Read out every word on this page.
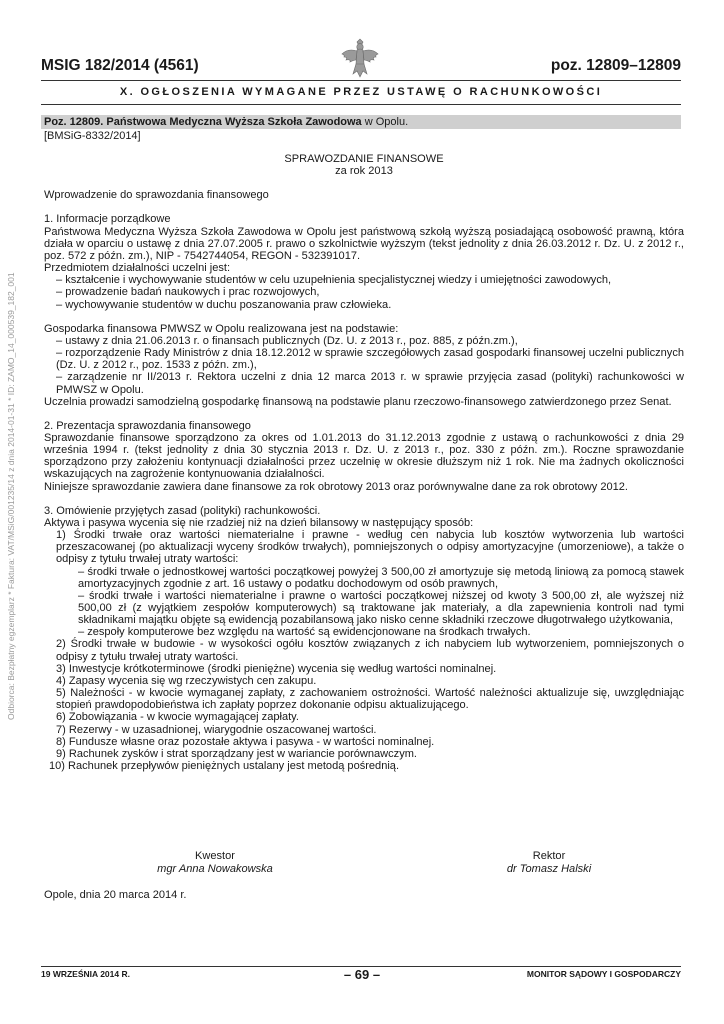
MSIG 182/2014 (4561)	poz. 12809–12809
X. OGŁOSZENIA WYMAGANE PRZEZ USTAWĘ O RACHUNKOWOŚCI
Odbiorca: Bezpłatny egzemplarz * Faktura: VAT/MSiG/001235/14 z dnia 2014-01-31 * ID: ZAMO_14_000539_182_001
Poz. 12809. Państwowa Medyczna Wyższa Szkoła Zawodowa w Opolu.
[BMSiG-8332/2014]

SPRAWOZDANIE FINANSOWE

za rok 2013

Wprowadzenie do sprawozdania finansowego

1. Informacje porządkowe

Państwowa Medyczna Wyższa Szkoła Zawodowa w Opolu jest państwową szkołą wyższą posiadającą osobowość prawną, która działa w oparciu o ustawę z dnia 27.07.2005 r. prawo o szkolnictwie wyższym (tekst jednolity z dnia 26.03.2012 r. Dz. U. z 2012 r., poz. 572 z późn. zm.), NIP - 7542744054, REGON - 532391017.

Przedmiotem działalności uczelni jest:

– kształcenie i wychowywanie studentów w celu uzupełnienia specjalistycznej wiedzy i umiejętności zawodowych,

– prowadzenie badań naukowych i prac rozwojowych,

– wychowywanie studentów w duchu poszanowania praw człowieka.

Gospodarka finansowa PMWSZ w Opolu realizowana jest na podstawie:

– ustawy z dnia 21.06.2013 r. o finansach publicznych (Dz. U. z 2013 r., poz. 885, z późn.zm.),

– rozporządzenie Rady Ministrów z dnia 18.12.2012 w sprawie szczegółowych zasad gospodarki finansowej uczelni publicznych (Dz. U. z 2012 r., poz. 1533 z późn. zm.),

– zarządzenie nr II/2013 r. Rektora uczelni z dnia 12 marca 2013 r. w sprawie przyjęcia zasad (polityki) rachunkowości w PMWSZ w Opolu.

Uczelnia prowadzi samodzielną gospodarkę finansową na podstawie planu rzeczowo-finansowego zatwierdzonego przez Senat.

2. Prezentacja sprawozdania finansowego

Sprawozdanie finansowe sporządzono za okres od 1.01.2013 do 31.12.2013 zgodnie z ustawą o rachunkowości z dnia 29 września 1994 r. (tekst jednolity z dnia 30 stycznia 2013 r. Dz. U. z 2013 r., poz. 330 z późn. zm.). Roczne sprawozdanie sporządzono przy założeniu kontynuacji działalności przez uczelnię w okresie dłuższym niż 1 rok. Nie ma żadnych okoliczności wskazujących na zagrożenie kontynuowania działalności.

Niniejsze sprawozdanie zawiera dane finansowe za rok obrotowy 2013 oraz porównywalne dane za rok obrotowy 2012.

3. Omówienie przyjętych zasad (polityki) rachunkowości.

Aktywa i pasywa wycenia się nie rzadziej niż na dzień bilansowy w następujący sposób:

1) Środki trwałe oraz wartości niematerialne i prawne - według cen nabycia lub kosztów wytworzenia lub wartości przeszacowanej (po aktualizacji wyceny środków trwałych), pomniejszonych o odpisy amortyzacyjne (umorzeniowe), a także o odpisy z tytułu trwałej utraty wartości:

– środki trwałe o jednostkowej wartości początkowej powyżej 3 500,00 zł amortyzuje się metodą liniową za pomocą stawek amortyzacyjnych zgodnie z art. 16 ustawy o podatku dochodowym od osób prawnych,

– środki trwałe i wartości niematerialne i prawne o wartości początkowej niższej od kwoty 3 500,00 zł, ale wyższej niż 500,00 zł (z wyjątkiem zespołów komputerowych) są traktowane jak materiały, a dla zapewnienia kontroli nad tymi składnikami majątku objęte są ewidencją pozabilansową jako nisko cenne składniki rzeczowe długotrwałego użytkowania,

– zespoły komputerowe bez względu na wartość są ewidencjonowane na środkach trwałych.

2) Środki trwałe w budowie - w wysokości ogółu kosztów związanych z ich nabyciem lub wytworzeniem, pomniejszonych o odpisy z tytułu trwałej utraty wartości.

3) Inwestycje krótkoterminowe (środki pieniężne) wycenia się według wartości nominalnej.

4) Zapasy wycenia się wg rzeczywistych cen zakupu.

5) Należności - w kwocie wymaganej zapłaty, z zachowaniem ostrożności. Wartość należności aktualizuje się, uwzględniając stopień prawdopodobieństwa ich zapłaty poprzez dokonanie odpisu aktualizującego.

6) Zobowiązania - w kwocie wymagającej zapłaty.

7) Rezerwy - w uzasadnionej, wiarygodnie oszacowanej wartości.

8) Fundusze własne oraz pozostałe aktywa i pasywa - w wartości nominalnej.

9) Rachunek zysków i strat sporządzany jest w wariancie porównawczym.

10) Rachunek przepływów pieniężnych ustalany jest metodą pośrednią.

Kwestor
mgr Anna Nowakowska
Rektor
dr Tomasz Halski
Opole, dnia 20 marca 2014 r.
19 WRZEŚNIA 2014 R.	– 69 –	MONITOR SĄDOWY I GOSPODARCZY
